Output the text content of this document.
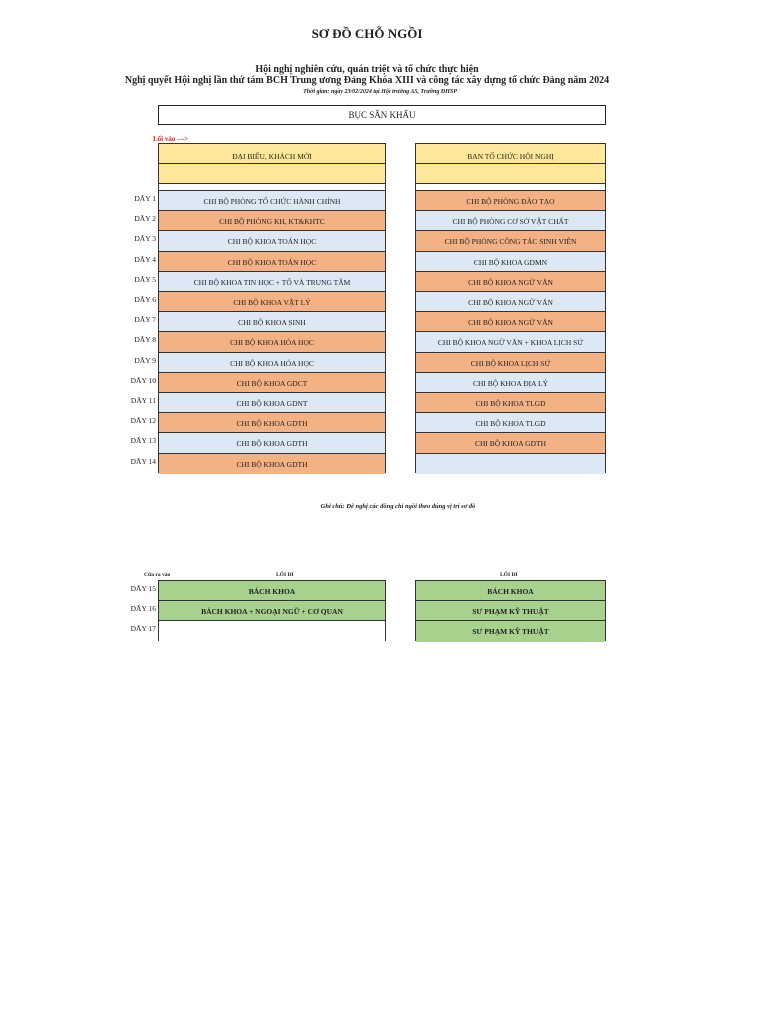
SƠ ĐỒ CHỖ NGỒI
Hội nghị nghiên cứu, quán triệt và tổ chức thực hiện
Nghị quyết Hội nghị lần thứ tám BCH Trung ương Đảng Khóa XIII và công tác xây dựng tổ chức Đảng năm 2024
Thời gian: ngày 23/02/2024 tại Hội trường A5, Trường ĐHSP
BỤC SÂN KHẤU
Lối vào --->
ĐẠI BIỂU, KHÁCH MỜI
CHI BỘ PHÒNG TỔ CHỨC HÀNH CHÍNH
CHI BỘ PHÒNG KH, KT&KHTC
CHI BỘ KHOA TOÁN HỌC
CHI BỘ KHOA TOÁN HỌC
CHI BỘ KHOA TIN HỌC + TỔ VÀ TRUNG TÂM
CHI BỘ KHOA VẬT LÝ
CHI BỘ KHOA SINH
CHI BỘ KHOA HÓA HỌC
CHI BỘ KHOA HÓA HỌC
CHI BỘ KHOA GDCT
CHI BỘ KHOA GDNT
CHI BỘ KHOA GDTH
CHI BỘ KHOA GDTH
CHI BỘ KHOA GDTH
BAN TỔ CHỨC HỘI NGHỊ
CHI BỘ PHÒNG ĐÀO TẠO
CHI BỘ PHÒNG CƠ SỞ VẬT CHẤT
CHI BỘ PHÒNG CÔNG TÁC SINH VIÊN
CHI BỘ KHOA GDMN
CHI BỘ KHOA NGỮ VĂN
CHI BỘ KHOA NGỮ VĂN
CHI BỘ KHOA NGỮ VĂN
CHI BỘ KHOA NGỮ VĂN + KHOA LỊCH SỬ
CHI BỘ KHOA LỊCH SỬ
CHI BỘ KHOA ĐỊA LÝ
CHI BỘ KHOA TLGD
CHI BỘ KHOA TLGD
CHI BỘ KHOA GDTH
Ghi chú: Đề nghị các đồng chí ngồi theo đúng vị trí sơ đồ
Cửa ra vào	LỐI ĐI	LỐI ĐI
BÁCH KHOA
BÁCH KHOA + NGOẠI NGỮ + CƠ QUAN
BÁCH KHOA
SƯ PHẠM KỸ THUẬT
SƯ PHẠM KỸ THUẬT
DÃY 1
DÃY 2
DÃY 3
DÃY 4
DÃY 5
DÃY 6
DÃY 7
DÃY 8
DÃY 9
DÃY 10
DÃY 11
DÃY 12
DÃY 13
DÃY 14
DÃY 15
DÃY 16
DÃY 17
